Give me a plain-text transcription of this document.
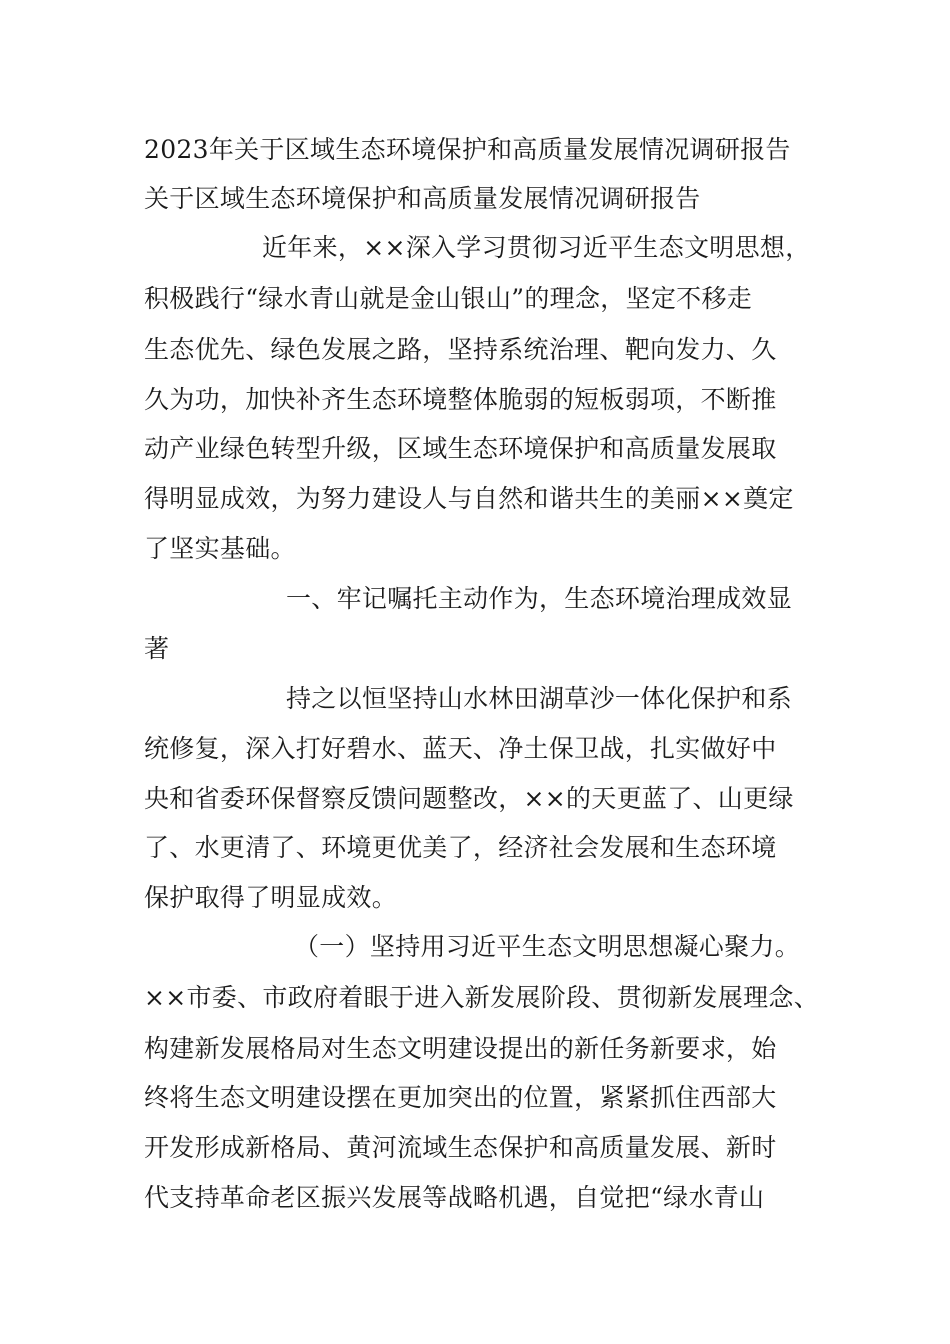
2023年关于区域生态环境保护和高质量发展情况调研报告
关于区域生态环境保护和高质量发展情况调研报告
近年来，××深入学习贯彻习近平生态文明思想，
积极践行“绿水青山就是金山银山”的理念，坚定不移走
生态优先、绿色发展之路，坚持系统治理、靶向发力、久
久为功，加快补齐生态环境整体脆弱的短板弱项，不断推
动产业绿色转型升级，区域生态环境保护和高质量发展取
得明显成效，为努力建设人与自然和谐共生的美丽××奠定
了坚实基础。
一、牢记嘱托主动作为，生态环境治理成效显
著
持之以恒坚持山水林田湖草沙一体化保护和系
统修复，深入打好碧水、蓝天、净土保卫战，扎实做好中
央和省委环保督察反馈问题整改，××的天更蓝了、山更绿
了、水更清了、环境更优美了，经济社会发展和生态环境
保护取得了明显成效。
（一）坚持用习近平生态文明思想凝心聚力。
××市委、市政府着眼于进入新发展阶段、贯彻新发展理念、
构建新发展格局对生态文明建设提出的新任务新要求，始
终将生态文明建设摆在更加突出的位置，紧紧抓住西部大
开发形成新格局、黄河流域生态保护和高质量发展、新时
代支持革命老区振兴发展等战略机遇，自觉把“绿水青山
